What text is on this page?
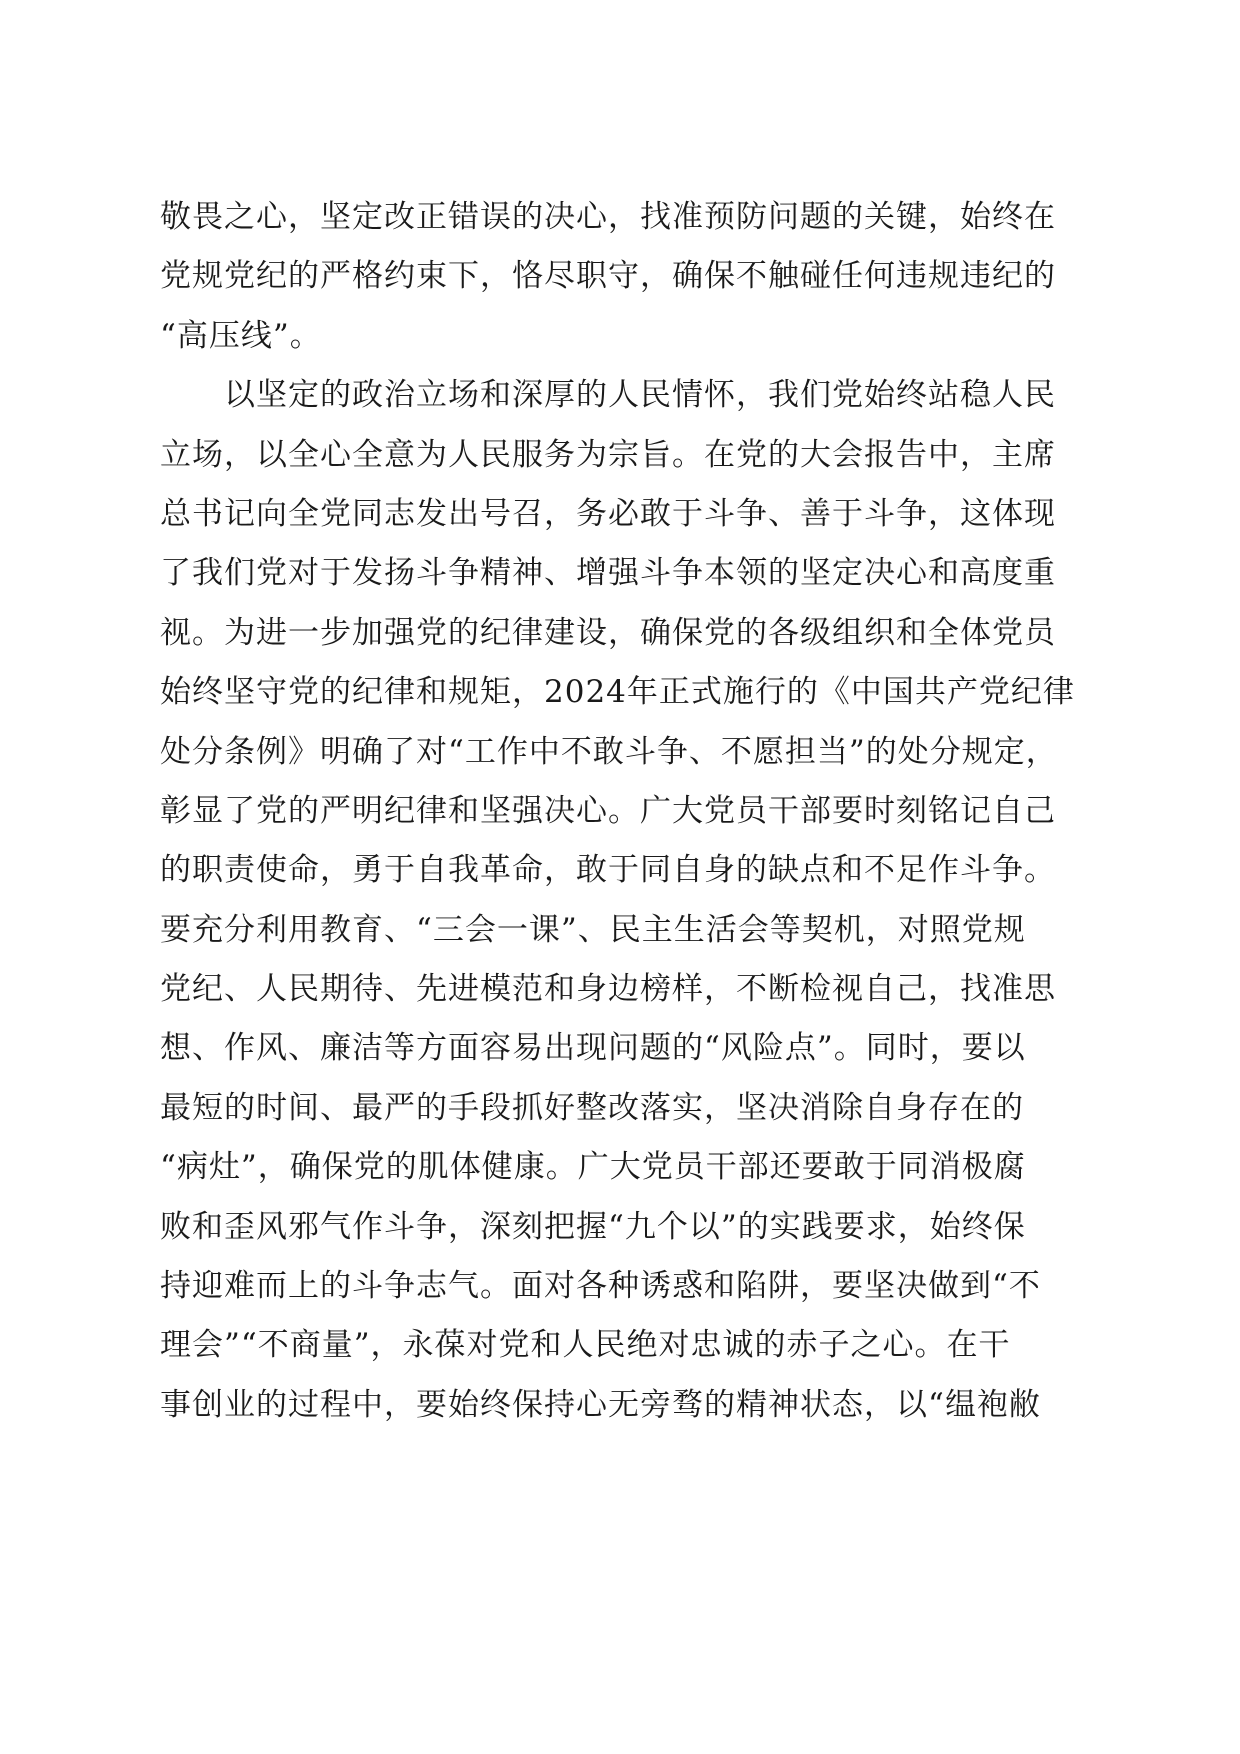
敬畏之心，坚定改正错误的决心，找准预防问题的关键，始终在
党规党纪的严格约束下，恪尽职守，确保不触碰任何违规违纪的
“高压线”。
以坚定的政治立场和深厚的人民情怀，我们党始终站稳人民
立场，以全心全意为人民服务为宗旨。在党的大会报告中，主席
总书记向全党同志发出号召，务必敢于斗争、善于斗争，这体现
了我们党对于发扬斗争精神、增强斗争本领的坚定决心和高度重
视。为进一步加强党的纪律建设，确保党的各级组织和全体党员
始终坚守党的纪律和规矩，2024年正式施行的《中国共产党纪律
处分条例》明确了对“工作中不敢斗争、不愿担当”的处分规定，
彰显了党的严明纪律和坚强决心。广大党员干部要时刻铭记自己
的职责使命，勇于自我革命，敢于同自身的缺点和不足作斗争。
要充分利用教育、“三会一课”、民主生活会等契机，对照党规
党纪、人民期待、先进模范和身边榜样，不断检视自己，找准思
想、作风、廉洁等方面容易出现问题的“风险点”。同时，要以
最短的时间、最严的手段抓好整改落实，坚决消除自身存在的
“病灶”，确保党的肌体健康。广大党员干部还要敢于同消极腐
败和歪风邪气作斗争，深刻把握“九个以”的实践要求，始终保
持迎难而上的斗争志气。面对各种诱惑和陷阱，要坚决做到“不
理会”“不商量”，永葆对党和人民绝对忠诚的赤子之心。在干
事创业的过程中，要始终保持心无旁骛的精神状态，以“缊袍敝
